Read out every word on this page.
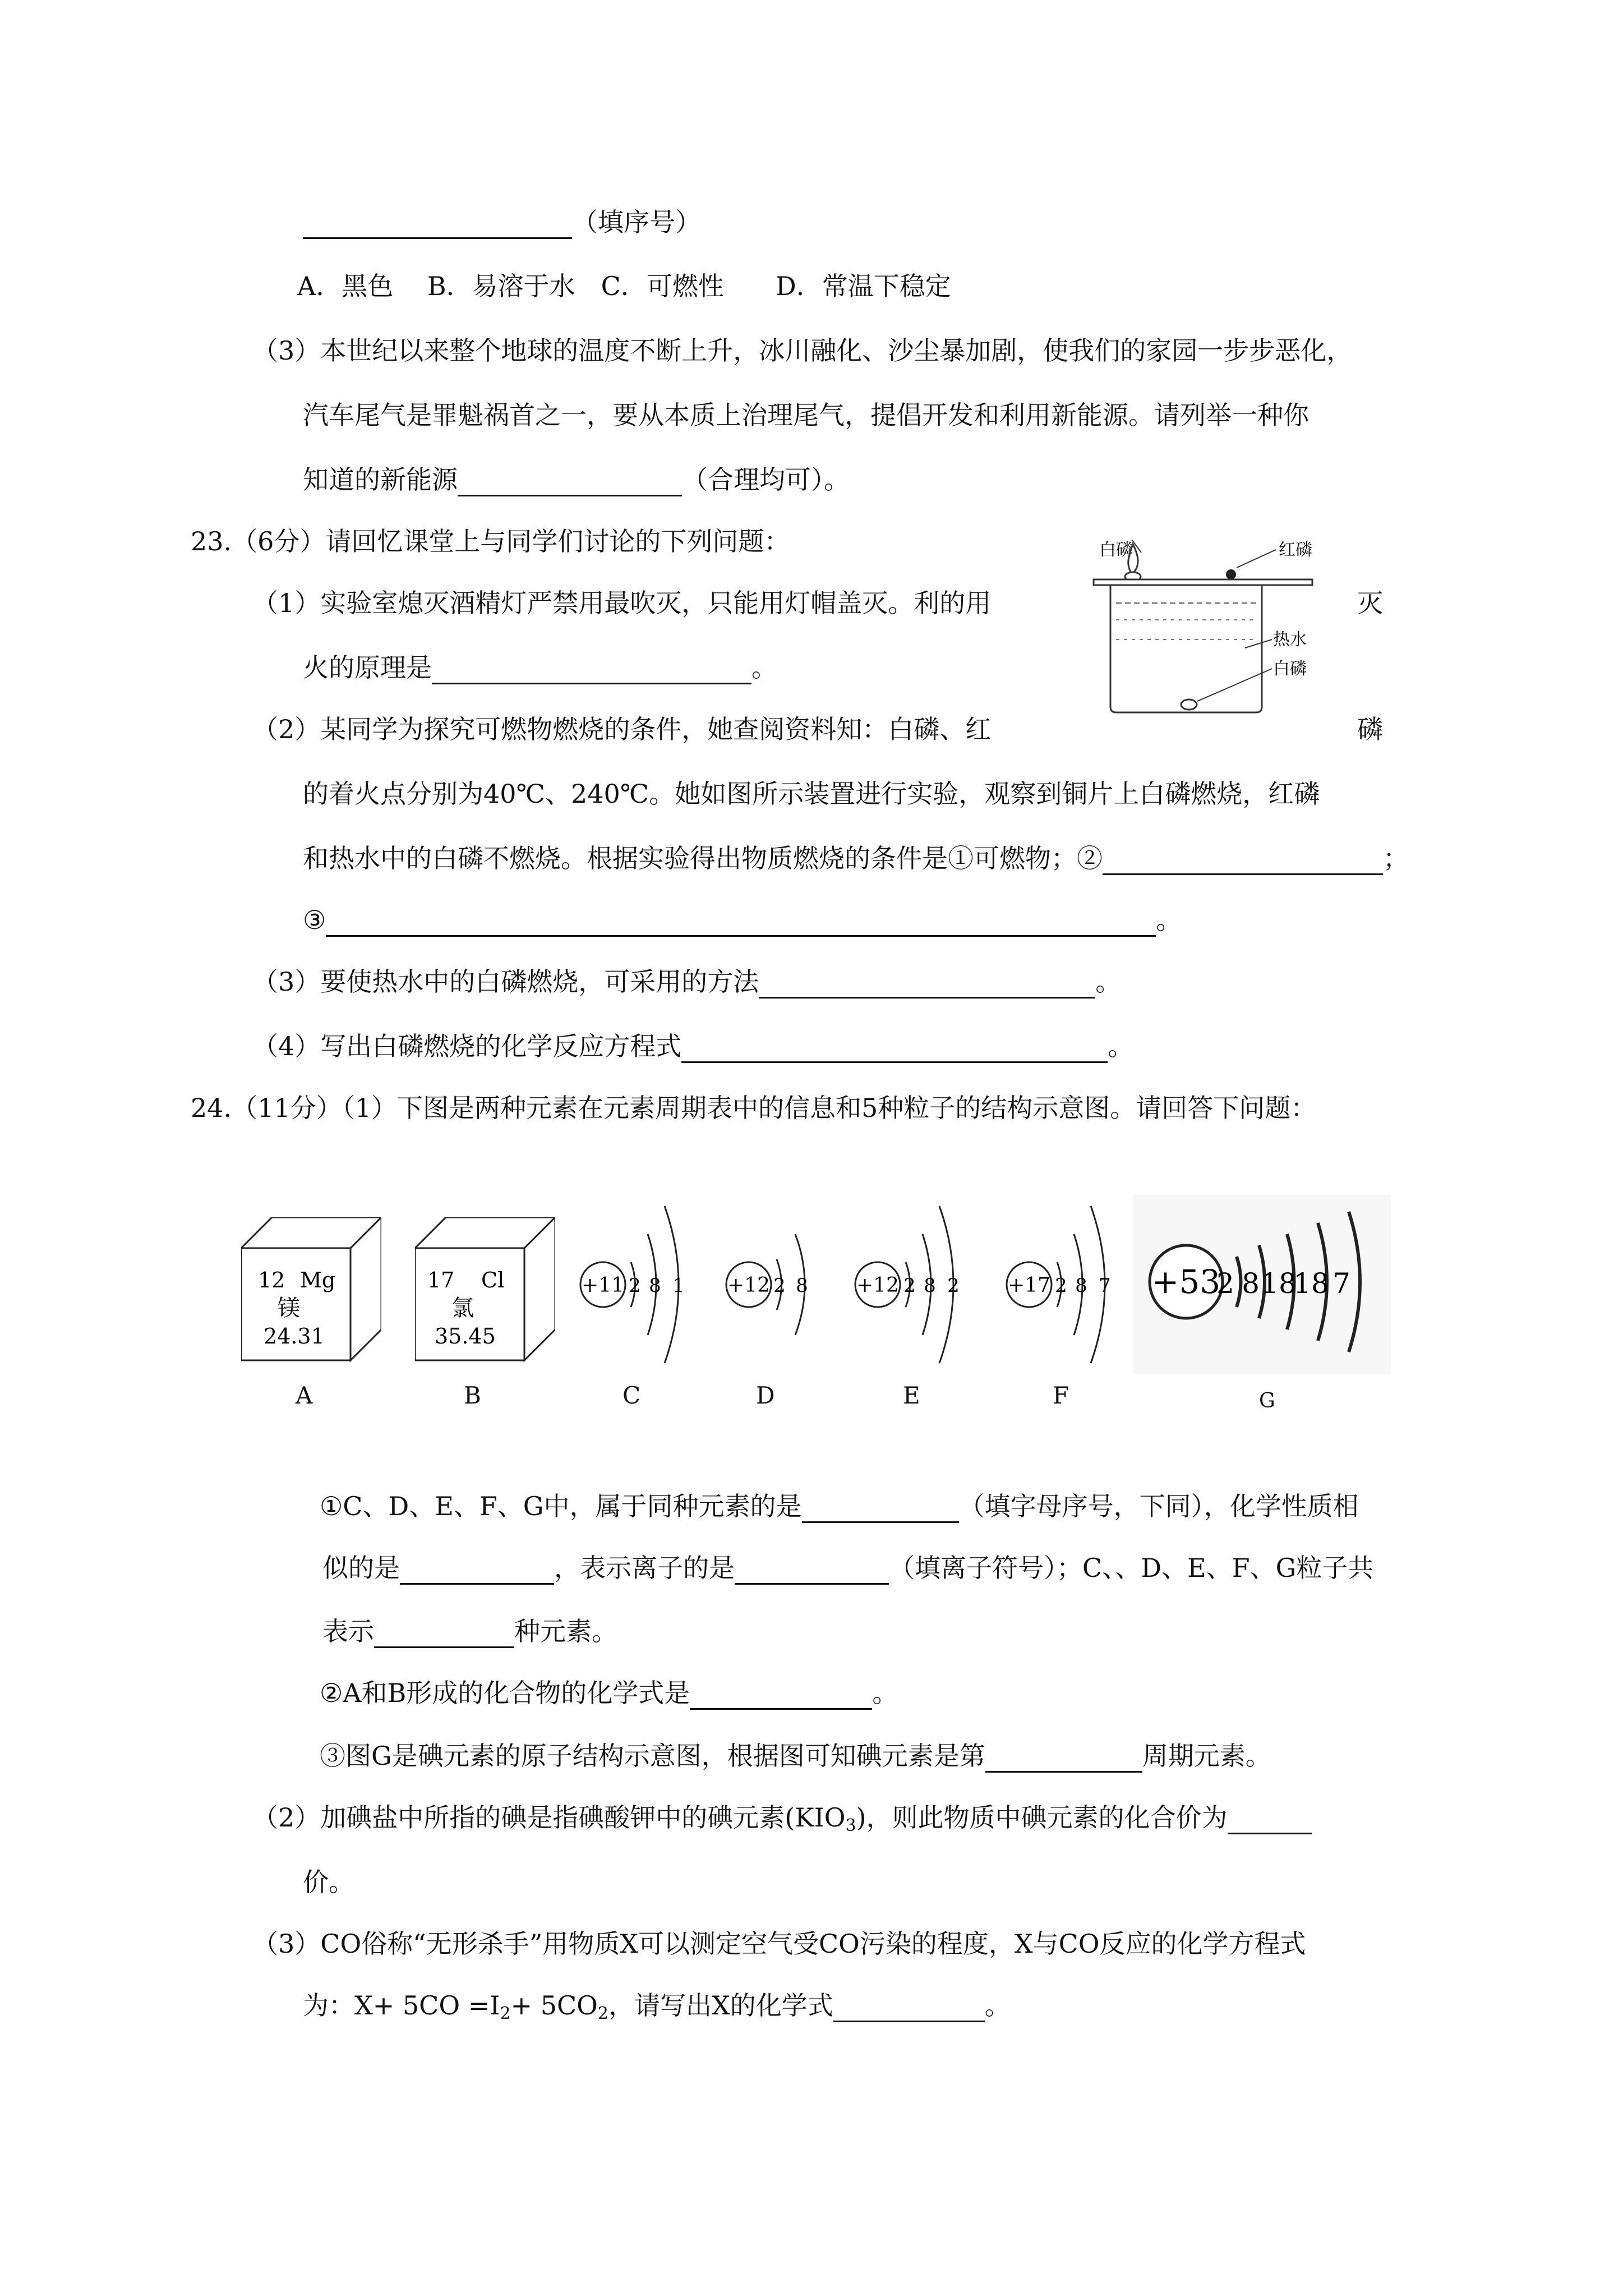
（填序号）
A．黑色　 B．易溶于水　C．可燃性　　D．常温下稳定
（3）本世纪以来整个地球的温度不断上升，冰川融化、沙尘暴加剧，使我们的家园一步步恶化，
汽车尾气是罪魁祸首之一，要从本质上治理尾气，提倡开发和利用新能源。请列举一种你
知道的新能源	（合理均可）。
23.（6分）请回忆课堂上与同学们讨论的下列问题：
（1）实验室熄灭酒精灯严禁用最吹灭，只能用灯帽盖灭。利的用	灭
火的原理是	。
（2）某同学为探究可燃物燃烧的条件，她查阅资料知：白磷、红	磷
的着火点分别为40℃、240℃。她如图所示装置进行实验，观察到铜片上白磷燃烧，红磷
和热水中的白磷不燃烧。根据实验得出物质燃烧的条件是①可燃物；②	；
③	。
（3）要使热水中的白磷燃烧，可采用的方法	。
（4）写出白磷燃烧的化学反应方程式	。
白磷	红磷
热水
白磷
24.（11分）（1）下图是两种元素在元素周期表中的信息和5种粒子的结构示意图。请回答下问题：
12 Mg
镁
24.31
17 Cl
氯
35.45
+11 2 8 1 +12 2 8 +12 2 8 2 +17 2 8 7 +53
2 8 18
18 7
A	B	C	D	E	F	G
①C、D、E、F、G中，属于同种元素的是	（填字母序号，下同），化学性质相
似的是	，表示离子的是	（填离子符号）；C、、D、E、F、G粒子共
表示	种元素。
②A和B形成的化合物的化学式是	。
③图G是碘元素的原子结构示意图，根据图可知碘元素是第	周期元素。
（2）加碘盐中所指的碘是指碘酸钾中的碘元素$(KIO_3)$，则此物质中碘元素的化合价为
价。
（3）CO俗称“无形杀手”用物质X可以测定空气受CO污染的程度，X与CO反应的化学方程式
为：$X+ 5CO =I_2+ 5CO_2$，请写出X的化学式	。
